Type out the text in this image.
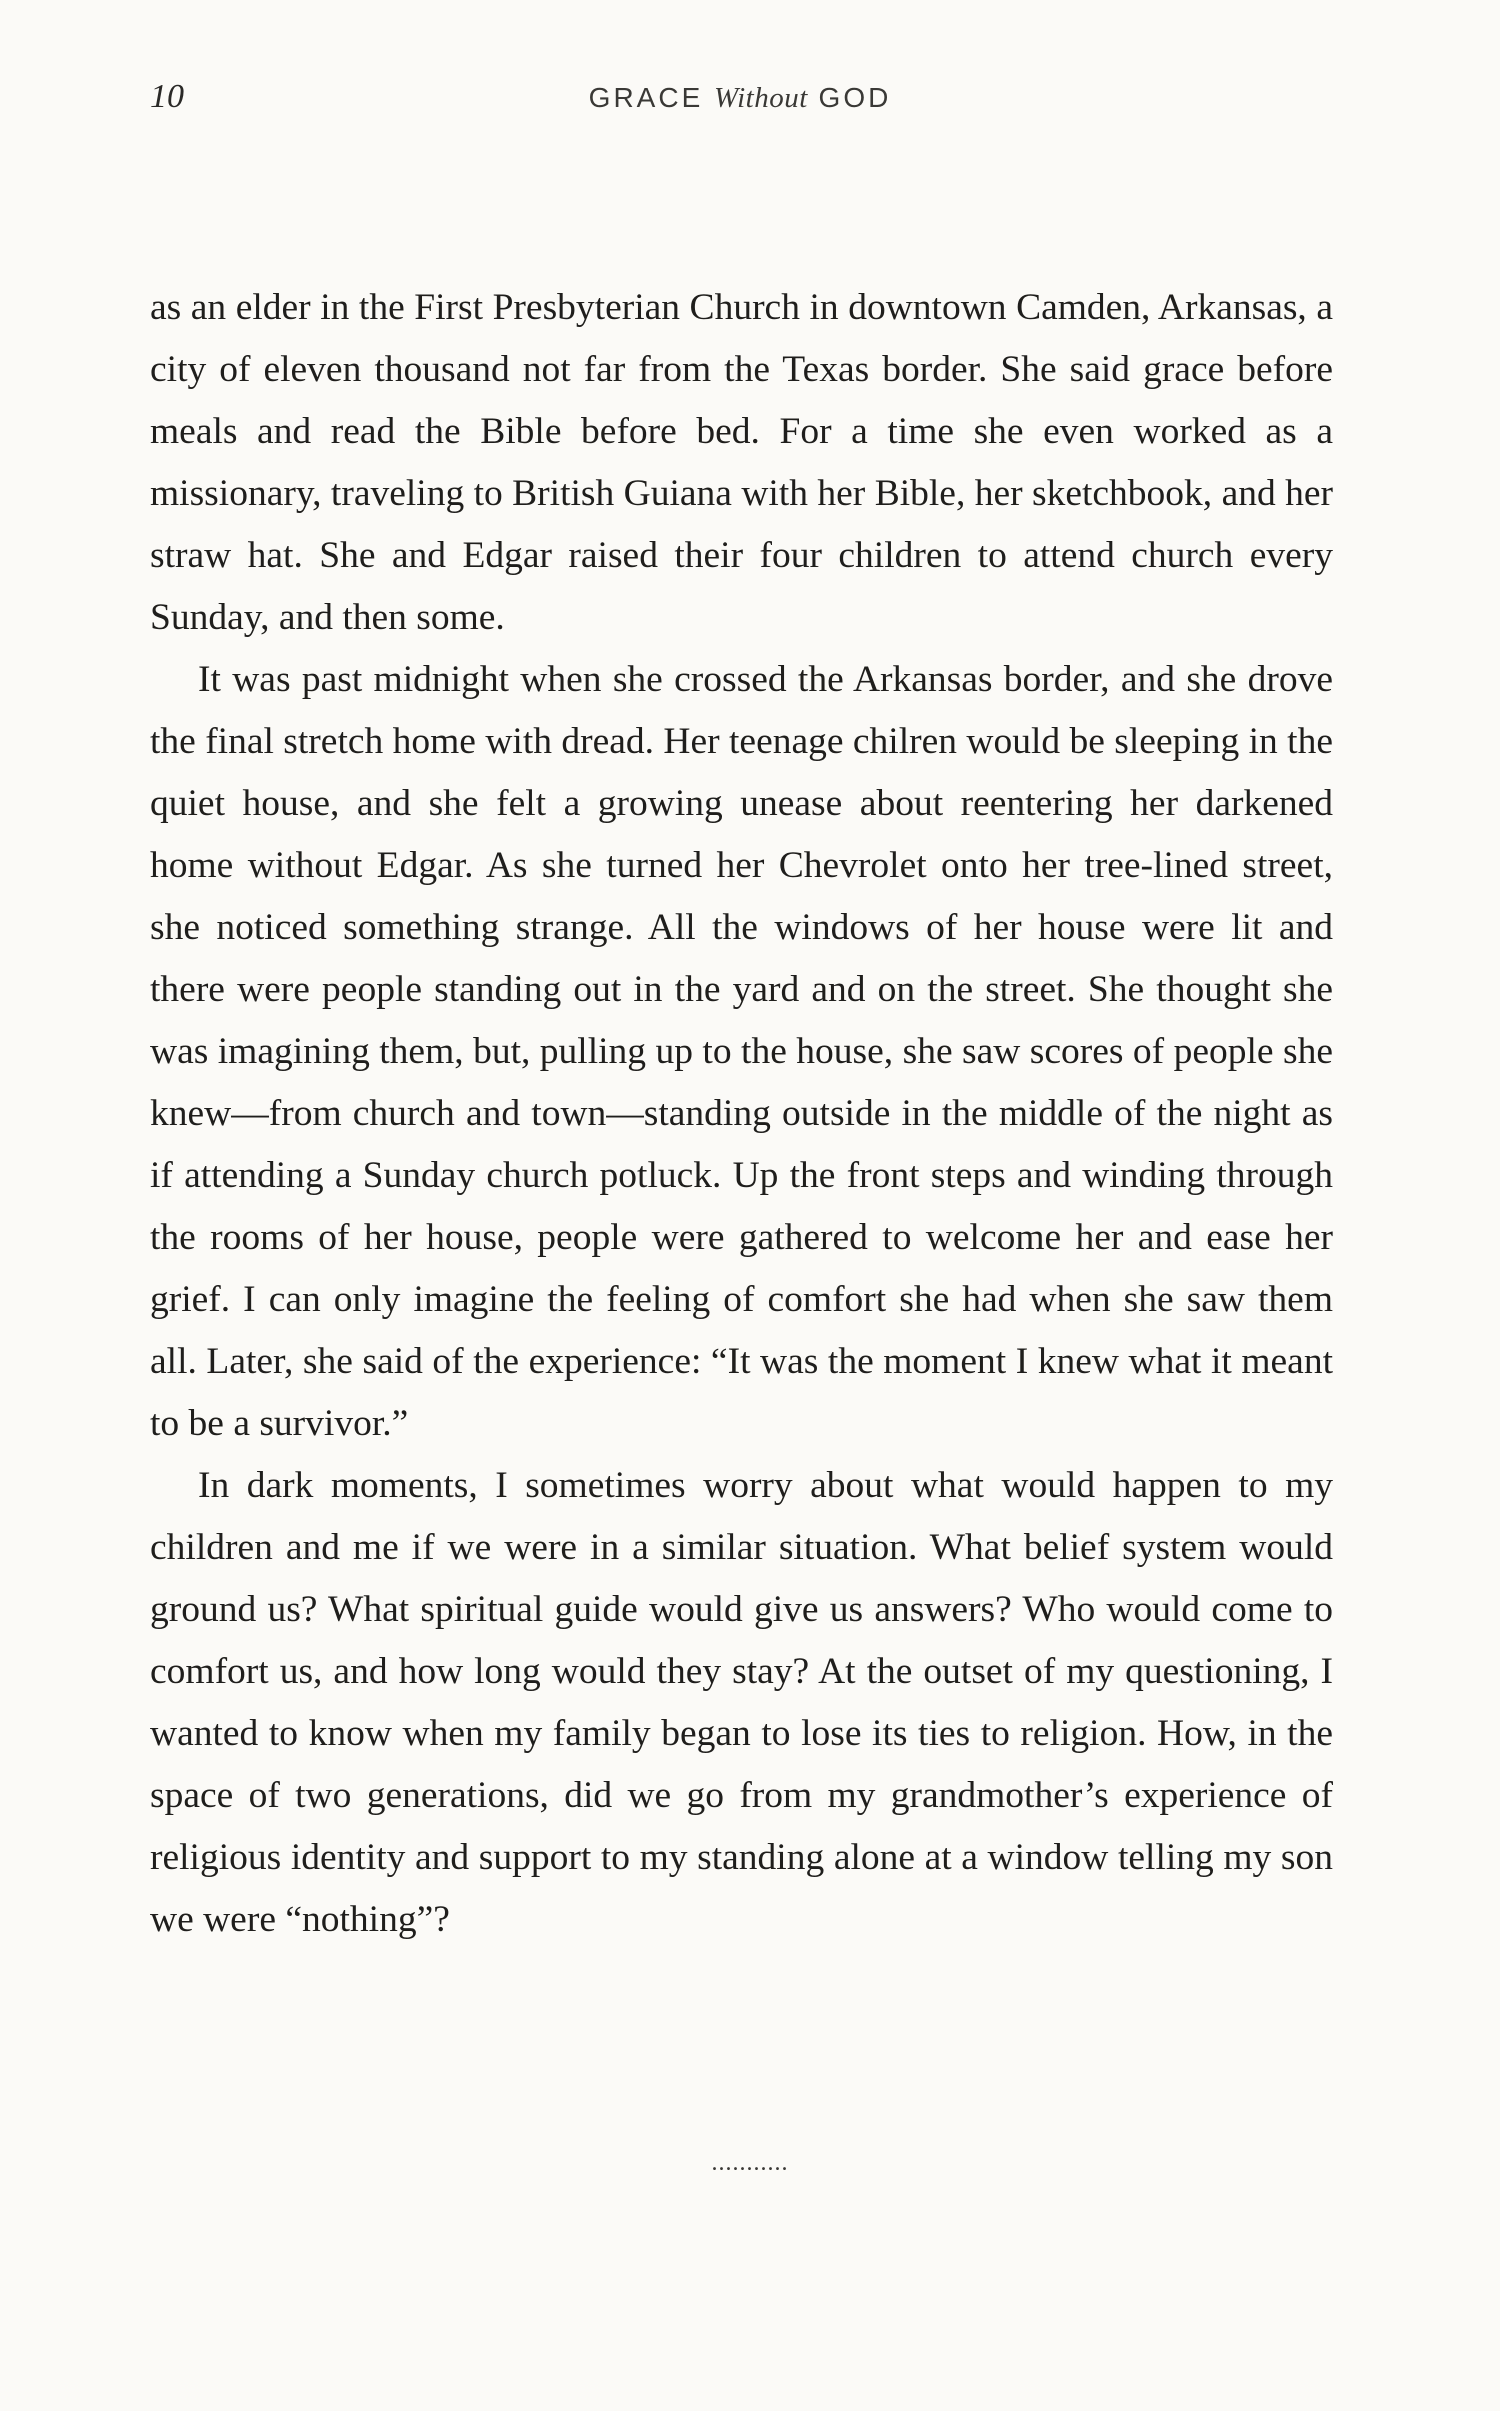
10	GRACE Without GOD

as an elder in the First Presbyterian Church in downtown Camden, Arkansas, a city of eleven thousand not far from the Texas border. She said grace before meals and read the Bible before bed. For a time she even worked as a missionary, traveling to British Guiana with her Bible, her sketchbook, and her straw hat. She and Edgar raised their four children to attend church every Sunday, and then some.

It was past midnight when she crossed the Arkansas border, and she drove the final stretch home with dread. Her teenage chilren would be sleeping in the quiet house, and she felt a growing unease about reentering her darkened home without Edgar. As she turned her Chevrolet onto her tree-lined street, she noticed something strange. All the windows of her house were lit and there were people standing out in the yard and on the street. She thought she was imagining them, but, pulling up to the house, she saw scores of people she knew—from church and town—standing outside in the middle of the night as if attending a Sunday church potluck. Up the front steps and winding through the rooms of her house, people were gathered to welcome her and ease her grief. I can only imagine the feeling of comfort she had when she saw them all. Later, she said of the experience: “It was the moment I knew what it meant to be a survivor.”

In dark moments, I sometimes worry about what would happen to my children and me if we were in a similar situation. What belief system would ground us? What spiritual guide would give us answers? Who would come to comfort us, and how long would they stay? At the outset of my questioning, I wanted to know when my family began to lose its ties to religion. How, in the space of two generations, did we go from my grandmother’s experience of religious identity and support to my standing alone at a window telling my son we were “nothing”?

...........
